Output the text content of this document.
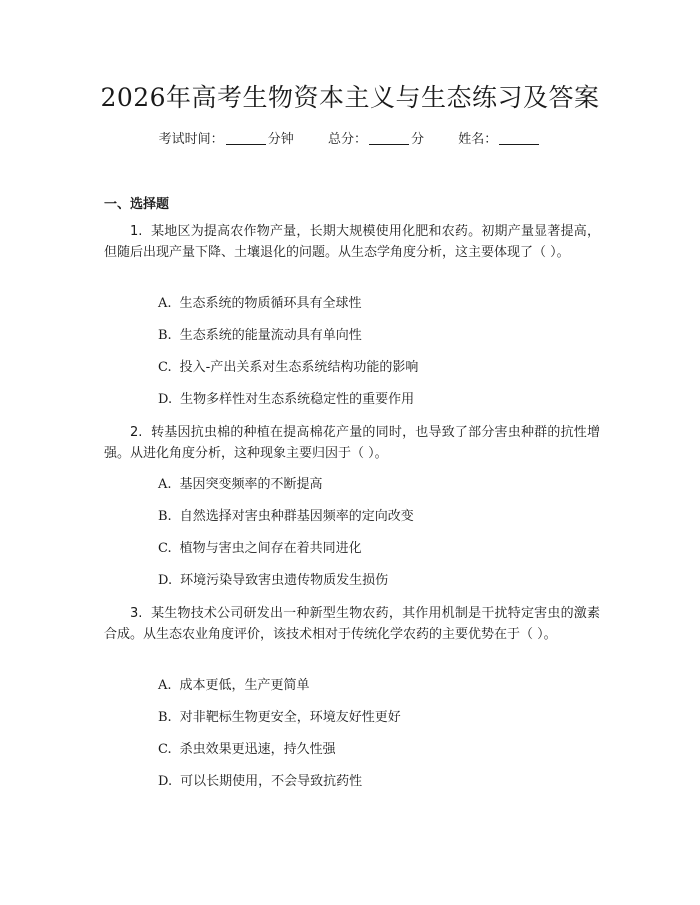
2026年高考生物资本主义与生态练习及答案
考试时间：	分钟	总分：	分	姓名：
一、选择题
1. 某地区为提高农作物产量，长期大规模使用化肥和农药。初期产量显著提高，但随后出现产量下降、土壤退化的问题。从生态学角度分析，这主要体现了（ ）。
A. 生态系统的物质循环具有全球性
B. 生态系统的能量流动具有单向性
C. 投入-产出关系对生态系统结构功能的影响
D. 生物多样性对生态系统稳定性的重要作用
2. 转基因抗虫棉的种植在提高棉花产量的同时，也导致了部分害虫种群的抗性增强。从进化角度分析，这种现象主要归因于（ ）。
A. 基因突变频率的不断提高
B. 自然选择对害虫种群基因频率的定向改变
C. 植物与害虫之间存在着共同进化
D. 环境污染导致害虫遗传物质发生损伤
3. 某生物技术公司研发出一种新型生物农药，其作用机制是干扰特定害虫的激素合成。从生态农业角度评价，该技术相对于传统化学农药的主要优势在于（ ）。
A. 成本更低，生产更简单
B. 对非靶标生物更安全，环境友好性更好
C. 杀虫效果更迅速，持久性强
D. 可以长期使用，不会导致抗药性
